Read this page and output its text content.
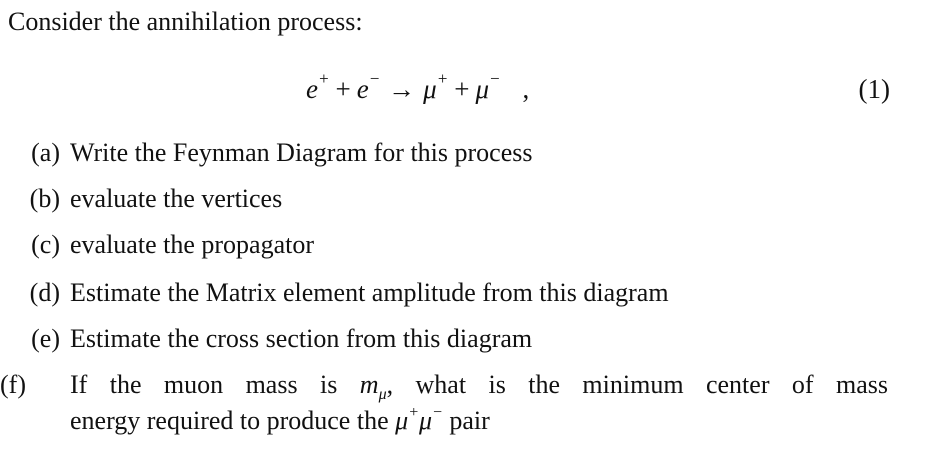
Consider the annihilation process:
e+ + e− → μ+ + μ− ,	(1)
(a) Write the Feynman Diagram for this process
(b) evaluate the vertices
(c) evaluate the propagator
(d) Estimate the Matrix element amplitude from this diagram
(e) Estimate the cross section from this diagram
(f)	If the muon mass is $m_\mu$, what is the minimum center of mass
energy required to produce the μ+μ− pair
